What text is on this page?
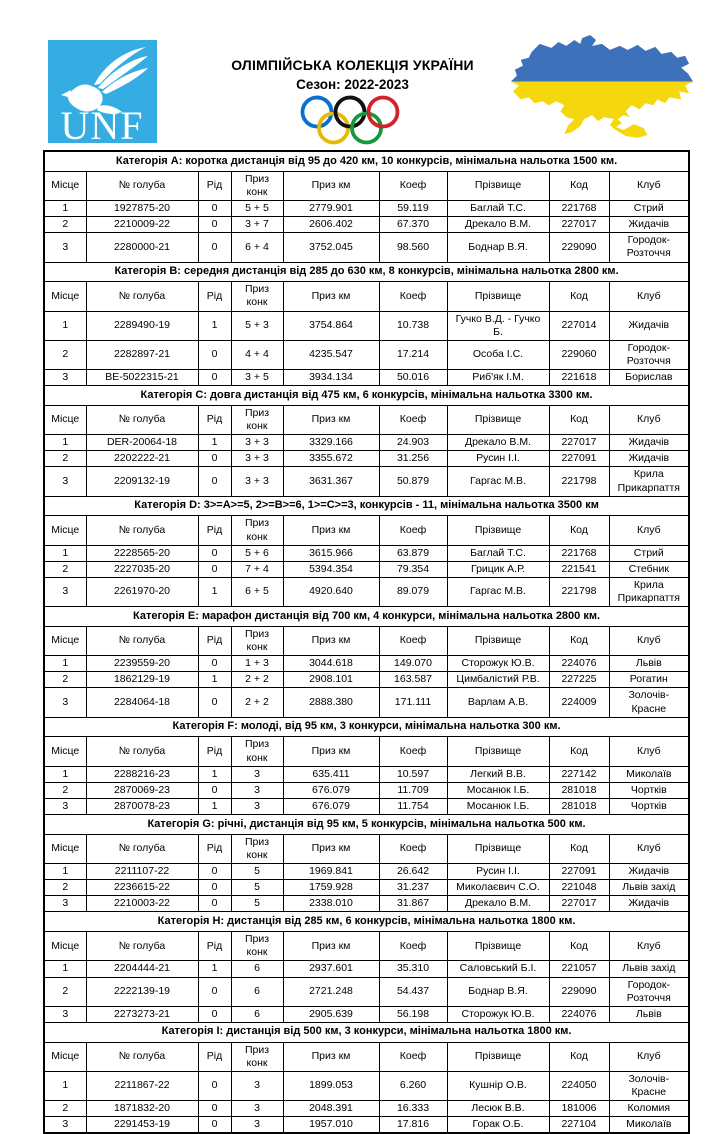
UNF
ОЛІМПІЙСЬКА КОЛЕКЦІЯ УКРАЇНИ
Сезон: 2022-2023
Категорія А: коротка дистанція від 95 до 420 км, 10 конкурсів, мінімальна нальотка 1500 км.								
Місце	№ голуба	Рід	Приз конк	Приз км	Коеф	Прізвище	Код	Клуб
1	1927875-20	0	5 + 5	2779.901	59.119	Баглай Т.С.	221768	Стрий
2	2210009-22	0	3 + 7	2606.402	67.370	Дрекало В.М.	227017	Жидачів
3	2280000-21	0	6 + 4	3752.045	98.560	Боднар В.Я.	229090	Городок-Розточчя
Категорія В: середня дистанція від 285 до 630 км, 8 конкурсів, мінімальна нальотка 2800 км.								
Місце	№ голуба	Рід	Приз конк	Приз км	Коеф	Прізвище	Код	Клуб
1	2289490-19	1	5 + 3	3754.864	10.738	Гучко В.Д. - Гучко Б.	227014	Жидачів
2	2282897-21	0	4 + 4	4235.547	17.214	Особа І.С.	229060	Городок-Розточчя
3	BE-5022315-21	0	3 + 5	3934.134	50.016	Риб'як І.М.	221618	Борислав
Категорія С: довга дистанція від 475 км, 6 конкурсів, мінімальна нальотка 3300 км.								
Місце	№ голуба	Рід	Приз конк	Приз км	Коеф	Прізвище	Код	Клуб
1	DER-20064-18	1	3 + 3	3329.166	24.903	Дрекало В.М.	227017	Жидачів
2	2202222-21	0	3 + 3	3355.672	31.256	Русин І.І.	227091	Жидачів
3	2209132-19	0	3 + 3	3631.367	50.879	Гаргас М.В.	221798	Крила Прикарпаття
Категорія D: 3>=А>=5, 2>=В>=6, 1>=С>=3, конкурсів - 11, мінімальна нальотка 3500 км								
Місце	№ голуба	Рід	Приз конк	Приз км	Коеф	Прізвище	Код	Клуб
1	2228565-20	0	5 + 6	3615.966	63.879	Баглай Т.С.	221768	Стрий
2	2227035-20	0	7 + 4	5394.354	79.354	Грицик А.Р.	221541	Стебник
3	2261970-20	1	6 + 5	4920.640	89.079	Гаргас М.В.	221798	Крила Прикарпаття
Категорія Е: марафон дистанція від 700 км, 4 конкурси, мінімальна нальотка 2800 км.								
Місце	№ голуба	Рід	Приз конк	Приз км	Коеф	Прізвище	Код	Клуб
1	2239559-20	0	1 + 3	3044.618	149.070	Сторожук Ю.В.	224076	Львів
2	1862129-19	1	2 + 2	2908.101	163.587	Цимбалістий Р.В.	227225	Рогатин
3	2284064-18	0	2 + 2	2888.380	171.111	Варлам А.В.	224009	Золочів-Красне
Категорія F: молоді, від 95 км, 3 конкурси, мінімальна нальотка 300 км.								
Місце	№ голуба	Рід	Приз конк	Приз км	Коеф	Прізвище	Код	Клуб
1	2288216-23	1	3	635.411	10.597	Легкий В.В.	227142	Миколаїв
2	2870069-23	0	3	676.079	11.709	Мосанюк І.Б.	281018	Чортків
3	2870078-23	1	3	676.079	11.754	Мосанюк І.Б.	281018	Чортків
Категорія G: річні, дистанція від 95 км, 5 конкурсів, мінімальна нальотка 500 км.								
Місце	№ голуба	Рід	Приз конк	Приз км	Коеф	Прізвище	Код	Клуб
1	2211107-22	0	5	1969.841	26.642	Русин І.І.	227091	Жидачів
2	2236615-22	0	5	1759.928	31.237	Миколаєвич С.О.	221048	Львів захід
3	2210003-22	0	5	2338.010	31.867	Дрекало В.М.	227017	Жидачів
Категорія Н: дистанція від 285 км, 6 конкурсів, мінімальна нальотка 1800 км.								
Місце	№ голуба	Рід	Приз конк	Приз км	Коеф	Прізвище	Код	Клуб
1	2204444-21	1	6	2937.601	35.310	Саловський Б.І.	221057	Львів захід
2	2222139-19	0	6	2721.248	54.437	Боднар В.Я.	229090	Городок-Розточчя
3	2273273-21	0	6	2905.639	56.198	Сторожук Ю.В.	224076	Львів
Категорія І: дистанція від 500 км, 3 конкурси, мінімальна нальотка 1800 км.								
Місце	№ голуба	Рід	Приз конк	Приз км	Коеф	Прізвище	Код	Клуб
1	2211867-22	0	3	1899.053	6.260	Кушнір О.В.	224050	Золочів-Красне
2	1871832-20	0	3	2048.391	16.333	Лесюк В.В.	181006	Коломия
3	2291453-19	0	3	1957.010	17.816	Горак О.Б.	227104	Миколаїв
